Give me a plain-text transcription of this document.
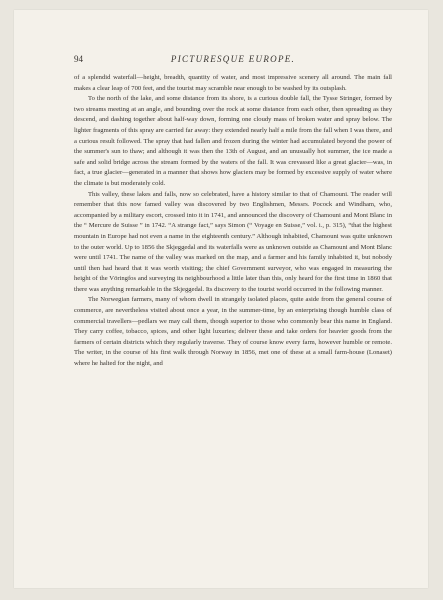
94	PICTURESQUE EUROPE.

of a splendid waterfall—height, breadth, quantity of water, and most impressive scenery all around. The main fall makes a clear leap of 700 feet, and the tourist may scramble near enough to be washed by its outsplash.

To the north of the lake, and some distance from its shore, is a curious double fall, the Tysse Stringer, formed by two streams meeting at an angle, and bounding over the rock at some distance from each other, then spreading as they descend, and dashing together about half-way down, forming one cloudy mass of broken water and spray below. The lighter fragments of this spray are carried far away: they extended nearly half a mile from the fall when I was there, and a curious result followed. The spray that had fallen and frozen during the winter had accumulated beyond the power of the summer's sun to thaw; and although it was then the 13th of August, and an unusually hot summer, the ice made a safe and solid bridge across the stream formed by the waters of the fall. It was crevassed like a great glacier—was, in fact, a true glacier—generated in a manner that shows how glaciers may be formed by excessive supply of water where the climate is but moderately cold.

This valley, these lakes and falls, now so celebrated, have a history similar to that of Chamouni. The reader will remember that this now famed valley was discovered by two Englishmen, Messrs. Pocock and Windham, who, accompanied by a military escort, crossed into it in 1741, and announced the discovery of Chamouni and Mont Blanc in the “ Mercure de Suisse ” in 1742. “A strange fact,” says Simon (“ Voyage en Suisse,” vol. i., p. 315), “that the highest mountain in Europe had not even a name in the eighteenth century.” Although inhabited, Chamouni was quite unknown to the outer world. Up to 1856 the Skjeggedal and its waterfalls were as unknown outside as Chamouni and Mont Blanc were until 1741. The name of the valley was marked on the map, and a farmer and his family inhabited it, but nobody until then had heard that it was worth visiting; the chief Government surveyor, who was engaged in measuring the height of the Vöringfos and surveying its neighbourhood a little later than this, only heard for the first time in 1860 that there was anything remarkable in the Skjeggedal. Its discovery to the tourist world occurred in the following manner.

The Norwegian farmers, many of whom dwell in strangely isolated places, quite aside from the general course of commerce, are nevertheless visited about once a year, in the summer-time, by an enterprising though humble class of commercial travellers—pedlars we may call them, though superior to those who commonly bear this name in England. They carry coffee, tobacco, spices, and other light luxuries; deliver these and take orders for heavier goods from the farmers of certain districts which they regularly traverse. They of course know every farm, however humble or remote. The writer, in the course of his first walk through Norway in 1856, met one of these at a small farm-house (Lonaset) where he halted for the night, and
